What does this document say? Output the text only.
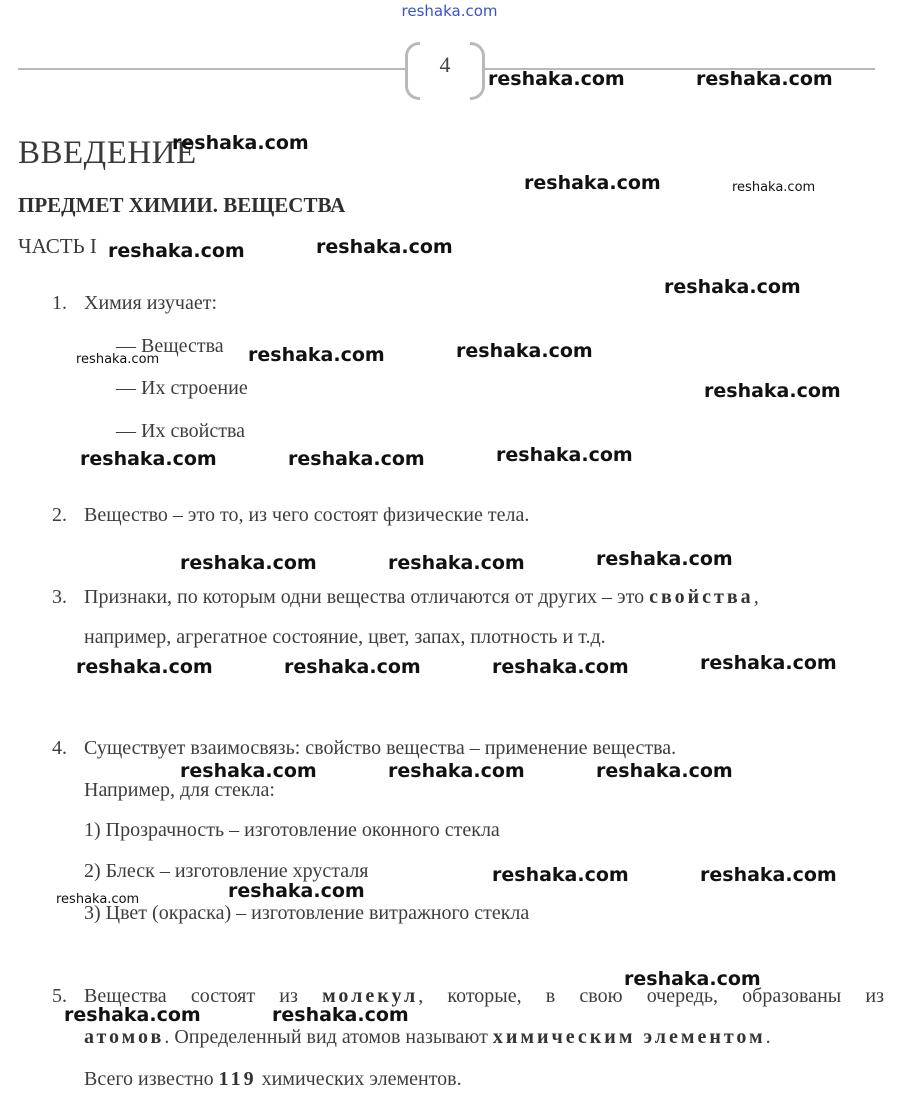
reshaka.com
4
ВВЕДЕНИЕ
ПРЕДМЕТ ХИМИИ. ВЕЩЕСТВА
ЧАСТЬ I
1. Химия изучает:
— Вещества
— Их строение
— Их свойства
2. Вещество – это то, из чего состоят физические тела.
3. Признаки, по которым одни вещества отличаются от других – это свойства,
например, агрегатное состояние, цвет, запах, плотность и т.д.
4. Существует взаимосвязь: свойство вещества – применение вещества.
Например, для стекла:
1) Прозрачность – изготовление оконного стекла
2) Блеск – изготовление хрусталя
3) Цвет (окраска) – изготовление витражного стекла
5. Вещества состоят из молекул, которые, в свою очередь, образованы из
атомов. Определенный вид атомов называют химическим элементом.
Всего известно 119 химических элементов.
reshaka.com	reshaka.com
reshaka.com
reshaka.com	reshaka.com
reshaka.com	reshaka.com
reshaka.com
reshaka.com	reshaka.com	reshaka.com
reshaka.com
reshaka.com	reshaka.com	reshaka.com
reshaka.com	reshaka.com	reshaka.com
reshaka.com	reshaka.com	reshaka.com	reshaka.com
reshaka.com	reshaka.com	reshaka.com
reshaka.com
reshaka.com	reshaka.com
reshaka.com
reshaka.com
reshaka.com	reshaka.com
